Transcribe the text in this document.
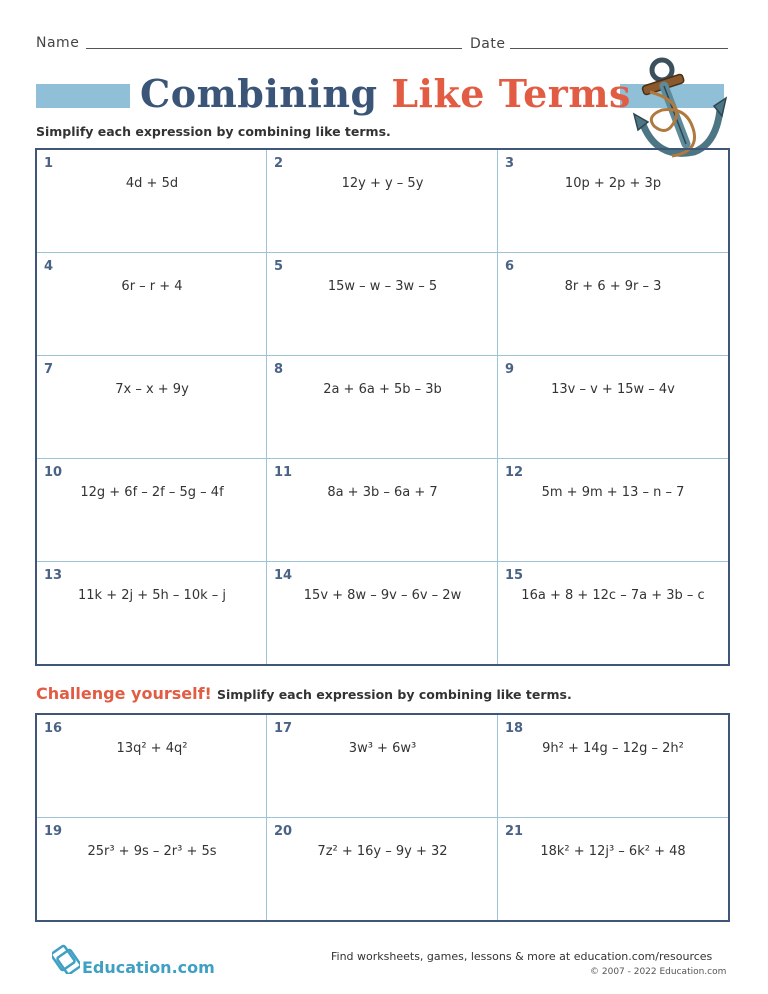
Name	Date
Combining Like Terms
Simplify each expression by combining like terms.
1
4d + 5d
2
12y + y – 5y
3
10p + 2p + 3p
4
6r – r + 4
5
15w – w – 3w – 5
6
8r + 6 + 9r – 3
7
7x – x + 9y
8
2a + 6a + 5b – 3b
9
13v – v + 15w – 4v
10
12g + 6f – 2f – 5g – 4f
11
8a + 3b – 6a + 7
12
5m + 9m + 13 – n – 7
13
11k + 2j + 5h – 10k – j
14
15v + 8w – 9v – 6v – 2w
15
16a + 8 + 12c – 7a + 3b – c
Challenge yourself! Simplify each expression by combining like terms.
16
13q² + 4q²
17
3w³ + 6w³
18
9h² + 14g – 12g – 2h²
19
25r³ + 9s – 2r³ + 5s
20
7z² + 16y – 9y + 32
21
18k² + 12j³ – 6k² + 48
Education.com
Find worksheets, games, lessons & more at education.com/resources
© 2007 - 2022 Education.com
